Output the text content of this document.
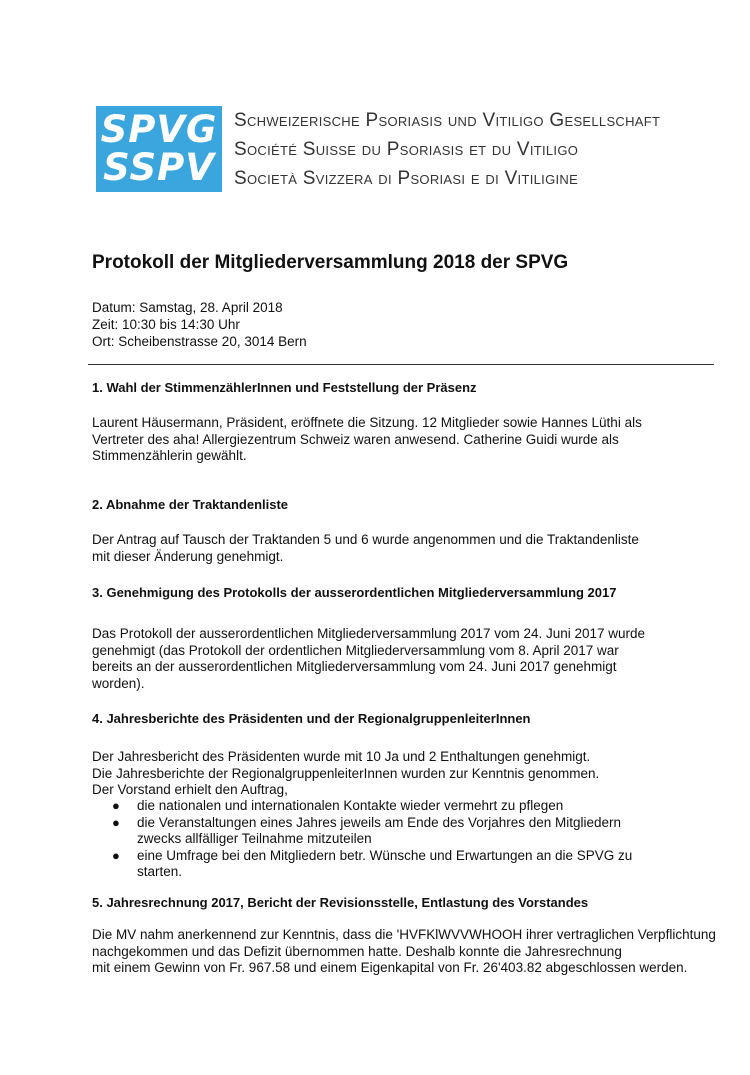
SPVG
SSPV
Schweizerische Psoriasis und Vitiligo Gesellschaft
Société Suisse du Psoriasis et du Vitiligo
Società Svizzera di Psoriasi e di Vitiligine
Protokoll der Mitgliederversammlung 2018 der SPVG
Datum: Samstag, 28. April 2018
Zeit: 10:30 bis 14:30 Uhr
Ort: Scheibenstrasse 20, 3014 Bern
1. Wahl der StimmenzählerInnen und Feststellung der Präsenz
Laurent Häusermann, Präsident, eröffnete die Sitzung. 12 Mitglieder sowie Hannes Lüthi als
Vertreter des aha! Allergiezentrum Schweiz waren anwesend. Catherine Guidi wurde als
Stimmenzählerin gewählt.
2. Abnahme der Traktandenliste
Der Antrag auf Tausch der Traktanden 5 und 6 wurde angenommen und die Traktandenliste
mit dieser Änderung genehmigt.
3. Genehmigung des Protokolls der ausserordentlichen Mitgliederversammlung 2017
Das Protokoll der ausserordentlichen Mitgliederversammlung 2017 vom 24. Juni 2017 wurde
genehmigt (das Protokoll der ordentlichen Mitgliederversammlung vom 8. April 2017 war
bereits an der ausserordentlichen Mitgliederversammlung vom 24. Juni 2017 genehmigt
worden).
4. Jahresberichte des Präsidenten und der RegionalgruppenleiterInnen
Der Jahresbericht des Präsidenten wurde mit 10 Ja und 2 Enthaltungen genehmigt.
Die Jahresberichte der RegionalgruppenleiterInnen wurden zur Kenntnis genommen.
Der Vorstand erhielt den Auftrag,
● die nationalen und internationalen Kontakte wieder vermehrt zu pflegen
● die Veranstaltungen eines Jahres jeweils am Ende des Vorjahres den Mitgliedern
zwecks allfälliger Teilnahme mitzuteilen
● eine Umfrage bei den Mitgliedern betr. Wünsche und Erwartungen an die SPVG zu
starten.
5. Jahresrechnung 2017, Bericht der Revisionsstelle, Entlastung des Vorstandes
Die MV nahm anerkennend zur Kenntnis, dass die 'HVFKlWVVWHOOH ihrer vertraglichen Verpflichtung
nachgekommen und das Defizit übernommen hatte. Deshalb konnte die Jahresrechnung
mit einem Gewinn von Fr. 967.58 und einem Eigenkapital von Fr. 26'403.82 abgeschlossen werden.
